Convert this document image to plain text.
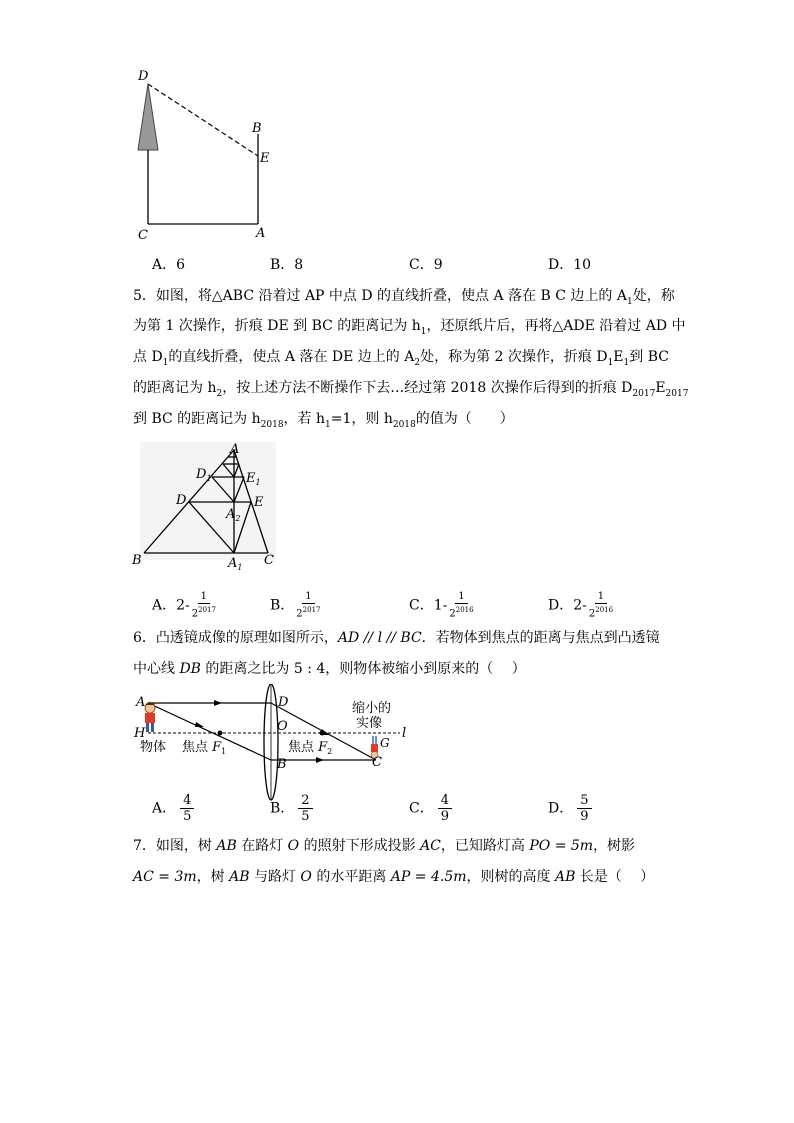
D
B
E
C	A
A．6	B．8	C．9	D．10
5．如图，将△ABC 沿着过 AP 中点 D 的直线折叠，使点 A 落在 B C 边上的 $A_1$处，称
为第 1 次操作，折痕 DE 到 BC 的距离记为 $h_1$，还原纸片后，再将△ADE 沿着过 AD 中
点 $D_1$的直线折叠，使点 A 落在 DE 边上的 $A_2$处，称为第 2 次操作，折痕 $D_1E_1$到 BC
的距离记为 $h_2$，按上述方法不断操作下去…经过第 2018 次操作后得到的折痕 $D_{2017}E_{2017}$
到 BC 的距离记为 $h_{2018}$，若 $h_1=1$，则 $h_{2018}$的值为（　　）
A
$D_1$	$E_1$
D	E
$A_2$
B	$A_1$ C
A．$2- \frac{1}{2^{2017}}$	B． $\frac{1}{2^{2017}}$	C．$1- \frac{1}{2^{2016}}$	D．$2- \frac{1}{2^{2016}}$
6．凸透镜成像的原理如图所示，AD // l // BC．若物体到焦点的距离与焦点到凸透镜
中心线 DB 的距离之比为 5 : 4，则物体被缩小到原来的（　 ）
A
H
D
O
B
l
C
G
物体 焦点 $F_1$	焦点 $F_2$
缩小的
实像
A． $\frac{4}{5}$	B． $\frac{2}{5}$	C． $\frac{4}{9}$	D． $\frac{5}{9}$
7．如图，树 AB 在路灯 O 的照射下形成投影 AC，已知路灯高 PO = 5m，树影
AC = 3m，树 AB 与路灯 O 的水平距离 AP = 4.5m，则树的高度 AB 长是（　 ）
